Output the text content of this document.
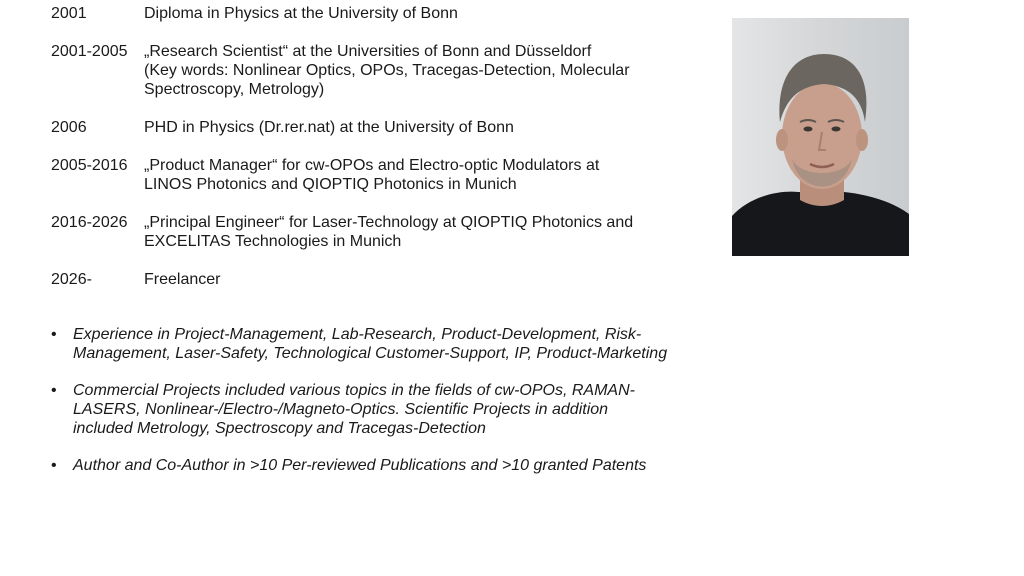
2001	Diploma in Physics at the University of Bonn
2001-2005	„Research Scientist“ at the Universities of Bonn and Düsseldorf
(Key words: Nonlinear Optics, OPOs, Tracegas-Detection, Molecular
Spectroscopy, Metrology)
2006	PHD in Physics (Dr.rer.nat) at the University of Bonn
2005-2016	„Product Manager“ for cw-OPOs and Electro-optic Modulators at
LINOS Photonics and QIOPTIQ Photonics in Munich
2016-2026	„Principal Engineer“ for Laser-Technology at QIOPTIQ Photonics and
EXCELITAS Technologies in Munich
2026-	Freelancer
•	Experience in Project-Management, Lab-Research, Product-Development, Risk-
Management, Laser-Safety, Technological Customer-Support, IP, Product-Marketing
•	Commercial Projects included various topics in the fields of cw-OPOs, RAMAN-
LASERS, Nonlinear-/Electro-/Magneto-Optics. Scientific Projects in addition
included Metrology, Spectroscopy and Tracegas-Detection
•	Author and Co-Author in >10 Per-reviewed Publications and >10 granted Patents
